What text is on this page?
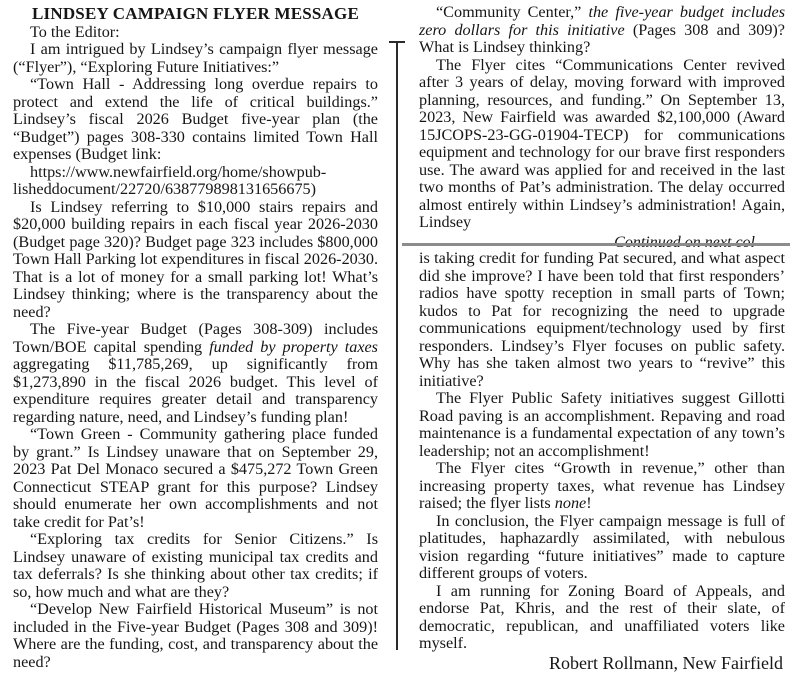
LINDSEY CAMPAIGN FLYER MESSAGE

To the Editor:

I am intrigued by Lindsey’s campaign flyer message (“Flyer”), “Exploring Future Initiatives:”

“Town Hall - Addressing long overdue repairs to protect and extend the life of critical buildings.” Lindsey’s fiscal 2026 Budget five-year plan (the “Budget”) pages 308-330 contains limited Town Hall expenses (Budget link:

https://www.newfairfield.org/home/showpub-

lisheddocument/22720/638779898131656675)

Is Lindsey referring to $10,000 stairs repairs and $20,000 building repairs in each fiscal year 2026-2030 (Budget page 320)? Budget page 323 includes $800,000 Town Hall Parking lot expenditures in fiscal 2026-2030. That is a lot of money for a small parking lot! What’s Lindsey thinking; where is the transparency about the need?

The Five-year Budget (Pages 308-309) includes Town/BOE capital spending funded by property taxes aggregating $11,785,269, up significantly from $1,273,890 in the fiscal 2026 budget. This level of expenditure requires greater detail and transparency regarding nature, need, and Lindsey’s funding plan!

“Town Green - Community gathering place funded by grant.” Is Lindsey unaware that on September 29, 2023 Pat Del Monaco secured a $475,272 Town Green Connecticut STEAP grant for this purpose? Lindsey should enumerate her own accomplishments and not take credit for Pat’s!

“Exploring tax credits for Senior Citizens.” Is Lindsey unaware of existing municipal tax credits and tax deferrals? Is she thinking about other tax credits; if so, how much and what are they?

“Develop New Fairfield Historical Museum” is not included in the Five-year Budget (Pages 308 and 309)! Where are the funding, cost, and transparency about the need?

“Community Center,” the five-year budget includes zero dollars for this initiative (Pages 308 and 309)? What is Lindsey thinking?

The Flyer cites “Communications Center revived after 3 years of delay, moving forward with improved planning, resources, and funding.” On September 13, 2023, New Fairfield was awarded $2,100,000 (Award 15JCOPS-23-GG-01904-TECP) for communications equipment and technology for our brave first responders use. The award was applied for and received in the last two months of Pat’s administration. The delay occurred almost entirely within Lindsey’s administration! Again, Lindsey

is taking credit for funding Pat secured, and what aspect did she improve? I have been told that first responders’ radios have spotty reception in small parts of Town; kudos to Pat for recognizing the need to upgrade communications equipment/technology used by first responders. Lindsey’s Flyer focuses on public safety. Why has she taken almost two years to “revive” this initiative?

The Flyer Public Safety initiatives suggest Gillotti Road paving is an accomplishment. Repaving and road maintenance is a fundamental expectation of any town’s leadership; not an accomplishment!

The Flyer cites “Growth in revenue,” other than increasing property taxes, what revenue has Lindsey raised; the flyer lists none!

In conclusion, the Flyer campaign message is full of platitudes, haphazardly assimilated, with nebulous vision regarding “future initiatives” made to capture different groups of voters.

I am running for Zoning Board of Appeals, and endorse Pat, Khris, and the rest of their slate, of democratic, republican, and unaffiliated voters like myself.

Robert Rollmann, New Fairfield
